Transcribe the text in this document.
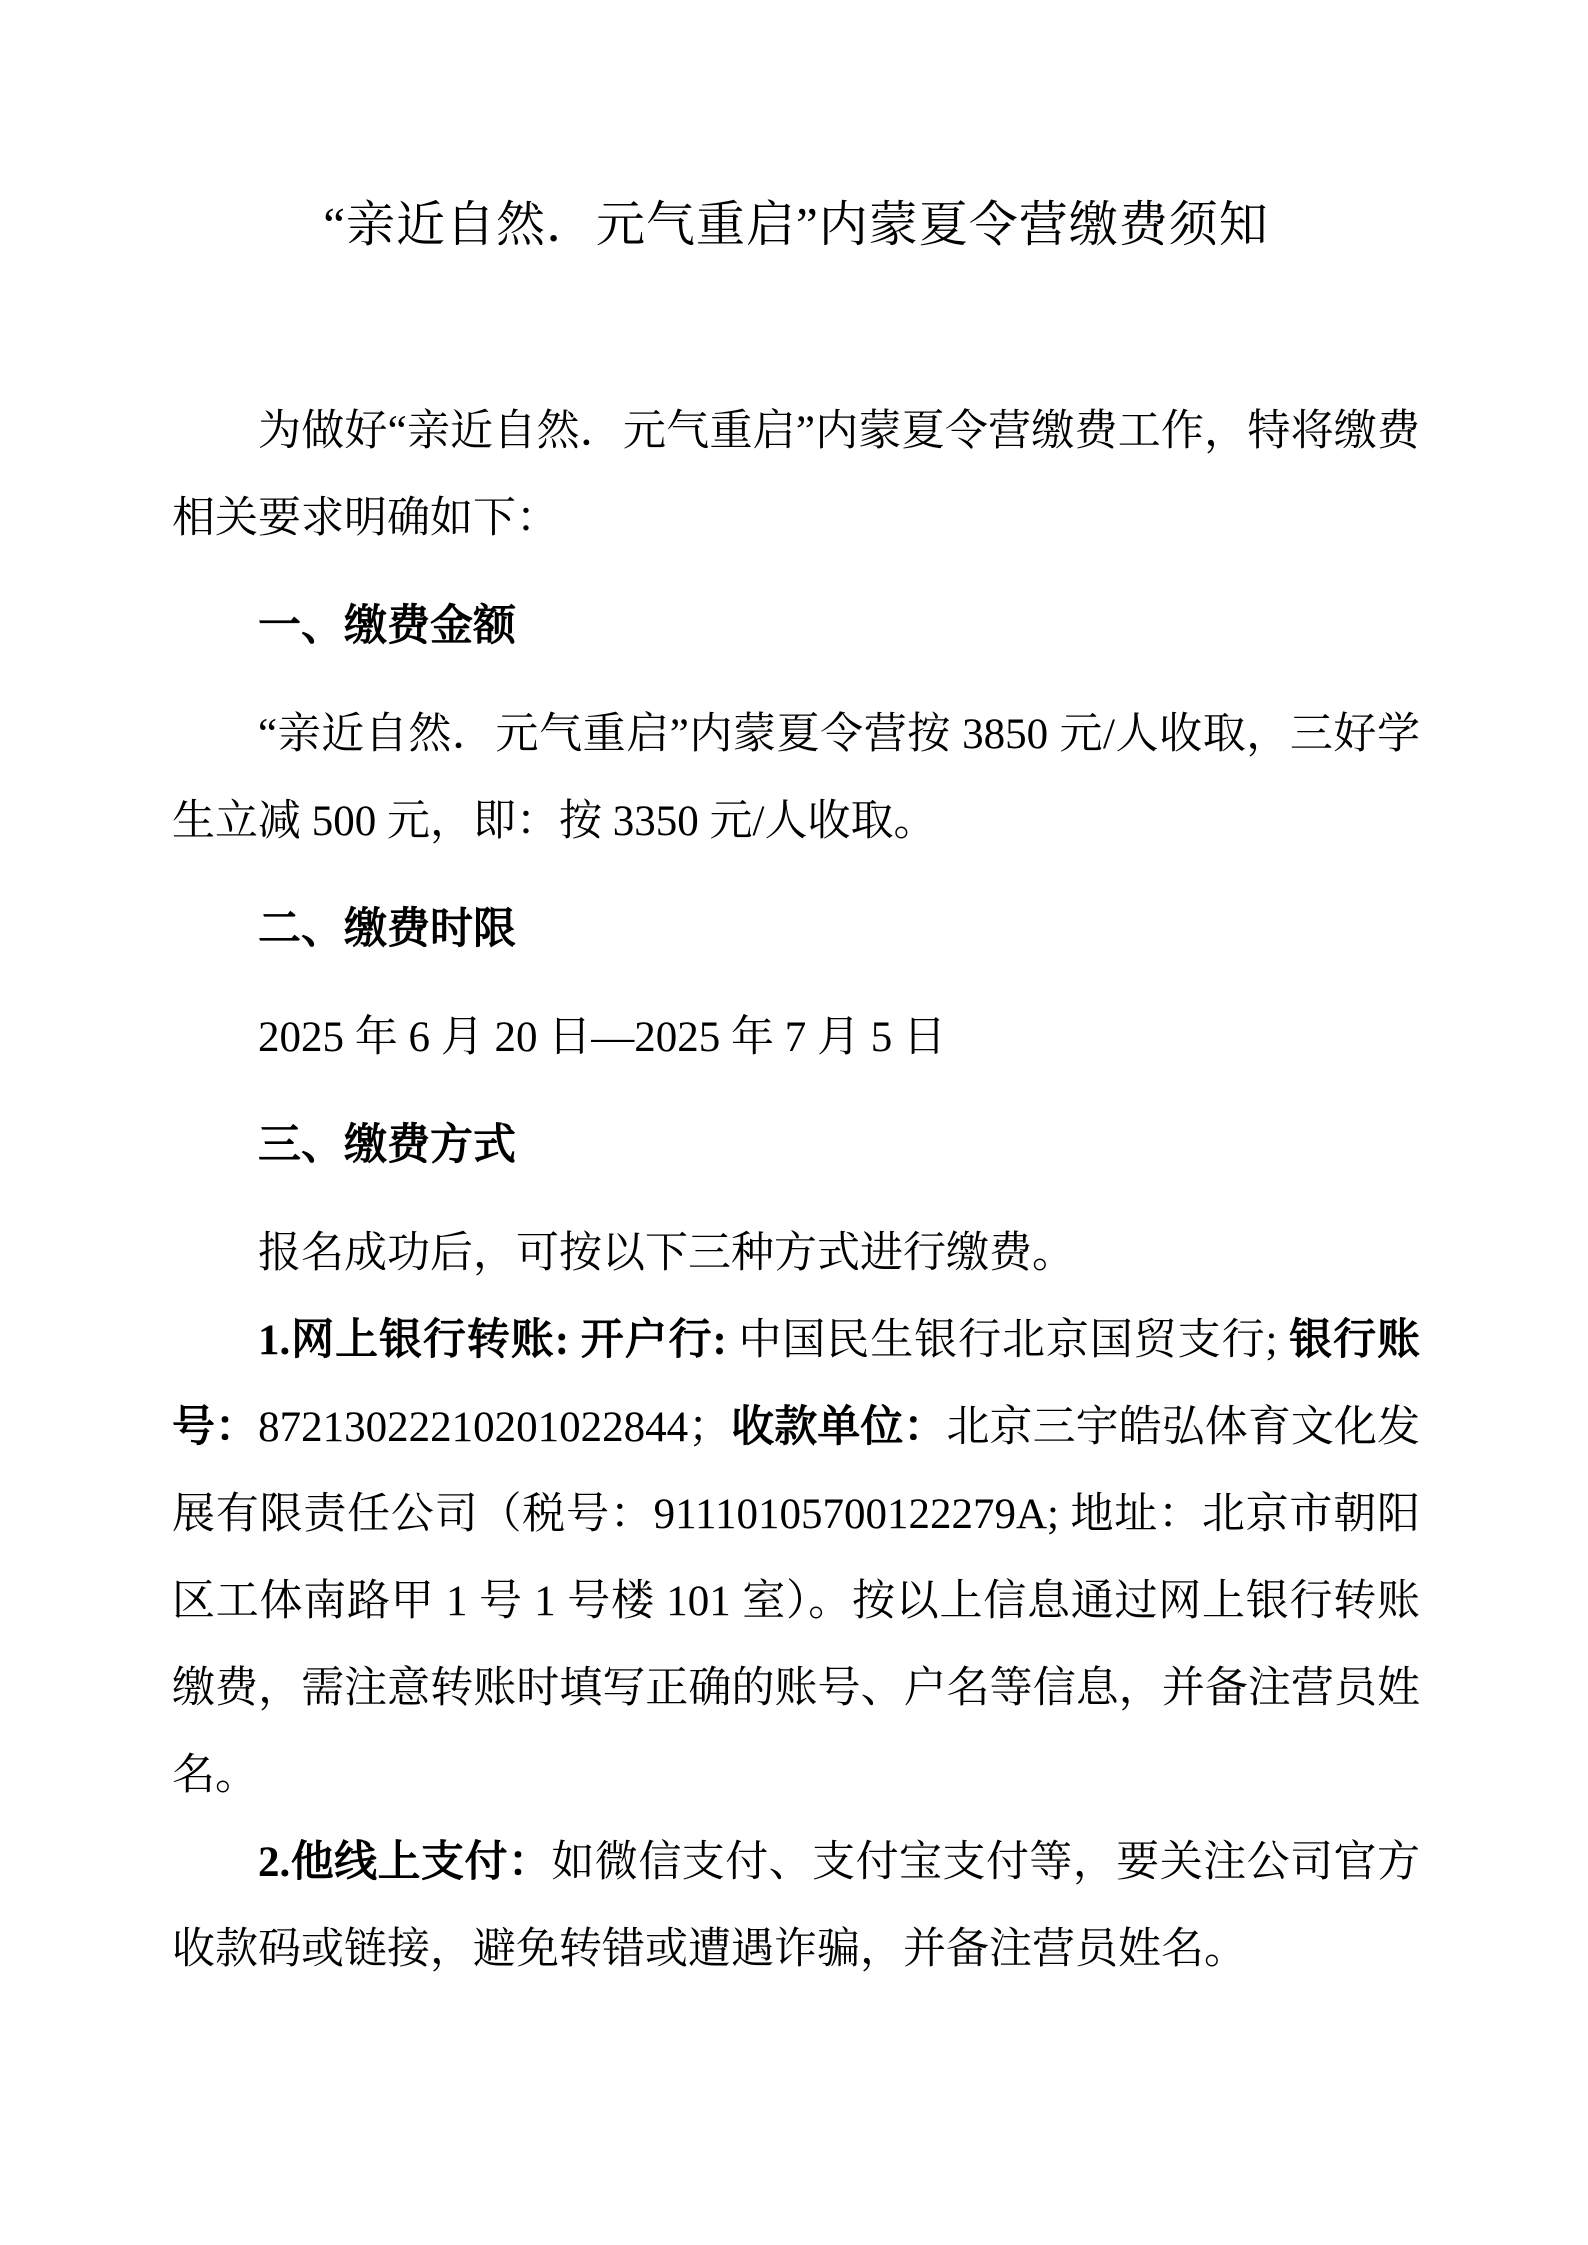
“亲近自然．元气重启”内蒙夏令营缴费须知

为做好“亲近自然．元气重启”内蒙夏令营缴费工作，特将缴费相关要求明确如下：

一、缴费金额

“亲近自然．元气重启”内蒙夏令营按 3850 元/人收取，三好学生立减 500 元，即：按 3350 元/人收取。

二、缴费时限

2025 年 6 月 20 日—2025 年 7 月 5 日

三、缴费方式

报名成功后，可按以下三种方式进行缴费。

1.网上银行转账: 开户行: 中国民生银行北京国贸支行; 银行账号：87213022210201022844；收款单位：北京三宇皓弘体育文化发展有限责任公司（税号：91110105700122279A; 地址：北京市朝阳区工体南路甲 1 号 1 号楼 101 室）。按以上信息通过网上银行转账缴费，需注意转账时填写正确的账号、户名等信息，并备注营员姓名。

2.他线上支付：如微信支付、支付宝支付等，要关注公司官方收款码或链接，避免转错或遭遇诈骗，并备注营员姓名。
